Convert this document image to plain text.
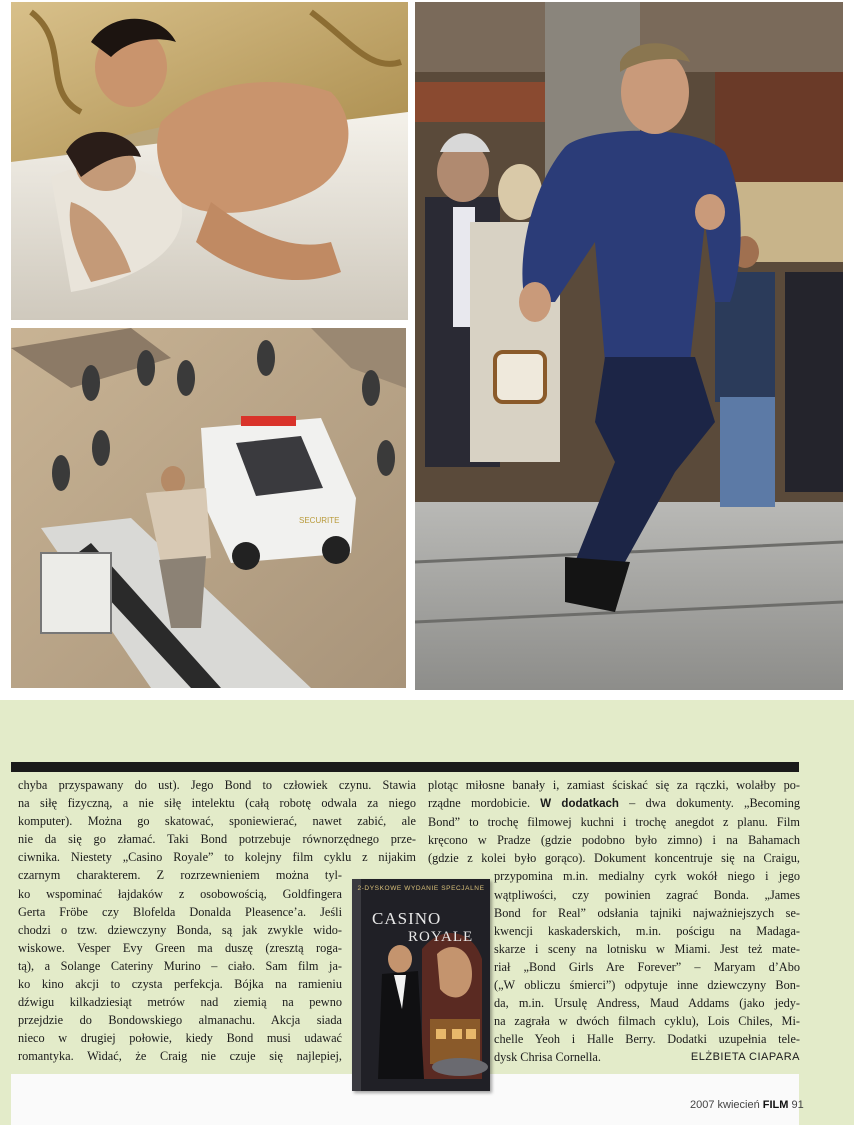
SECURITE
chyba przyspawany do ust). Jego Bond to człowiek czynu. Stawia
na siłę fizyczną, a nie siłę intelektu (całą robotę odwala za niego
komputer). Można go skatować, sponiewierać, nawet zabić, ale
nie da się go złamać. Taki Bond potrzebuje równorzędnego prze-
ciwnika. Niestety „Casino Royale” to kolejny film cyklu z nijakim
czarnym charakterem. Z rozrzewnieniem można tyl-
ko wspominać łajdaków z osobowością, Goldfingera
Gerta Fröbe czy Blofelda Donalda Pleasence’a. Jeśli
chodzi o tzw. dziewczyny Bonda, są jak zwykle wido-
wiskowe. Vesper Evy Green ma duszę (zresztą roga-
tą), a Solange Cateriny Murino – ciało. Sam film ja-
ko kino akcji to czysta perfekcja. Bójka na ramieniu
dźwigu kilkadziesiąt metrów nad ziemią na pewno
przejdzie do Bondowskiego almanachu. Akcja siada
nieco w drugiej połowie, kiedy Bond musi udawać
romantyka. Widać, że Craig nie czuje się najlepiej,
plotąc miłosne banały i, zamiast ściskać się za rączki, wolałby po-
rządne mordobicie. W dodatkach – dwa dokumenty. „Becoming
Bond” to trochę filmowej kuchni i trochę anegdot z planu. Film
kręcono w Pradze (gdzie podobno było zimno) i na Bahamach
(gdzie z kolei było gorąco). Dokument koncentruje się na Craigu,
przypomina m.in. medialny cyrk wokół niego i jego
wątpliwości, czy powinien zagrać Bonda. „James
Bond for Real” odsłania tajniki najważniejszych se-
kwencji kaskaderskich, m.in. pościgu na Madaga-
skarze i sceny na lotnisku w Miami. Jest też mate-
riał „Bond Girls Are Forever” – Maryam d’Abo
(„W obliczu śmierci”) odpytuje inne dziewczyny Bon-
da, m.in. Ursulę Andress, Maud Addams (jako jedy-
na zagrała w dwóch filmach cyklu), Lois Chiles, Mi-
chelle Yeoh i Halle Berry. Dodatki uzupełnia tele-
dysk Chrisa Cornella.	ELŻBIETA CIAPARA
2-DYSKOWE WYDANIE SPECJALNE
CASINO
ROYALE
2007 kwiecień FILM 91
